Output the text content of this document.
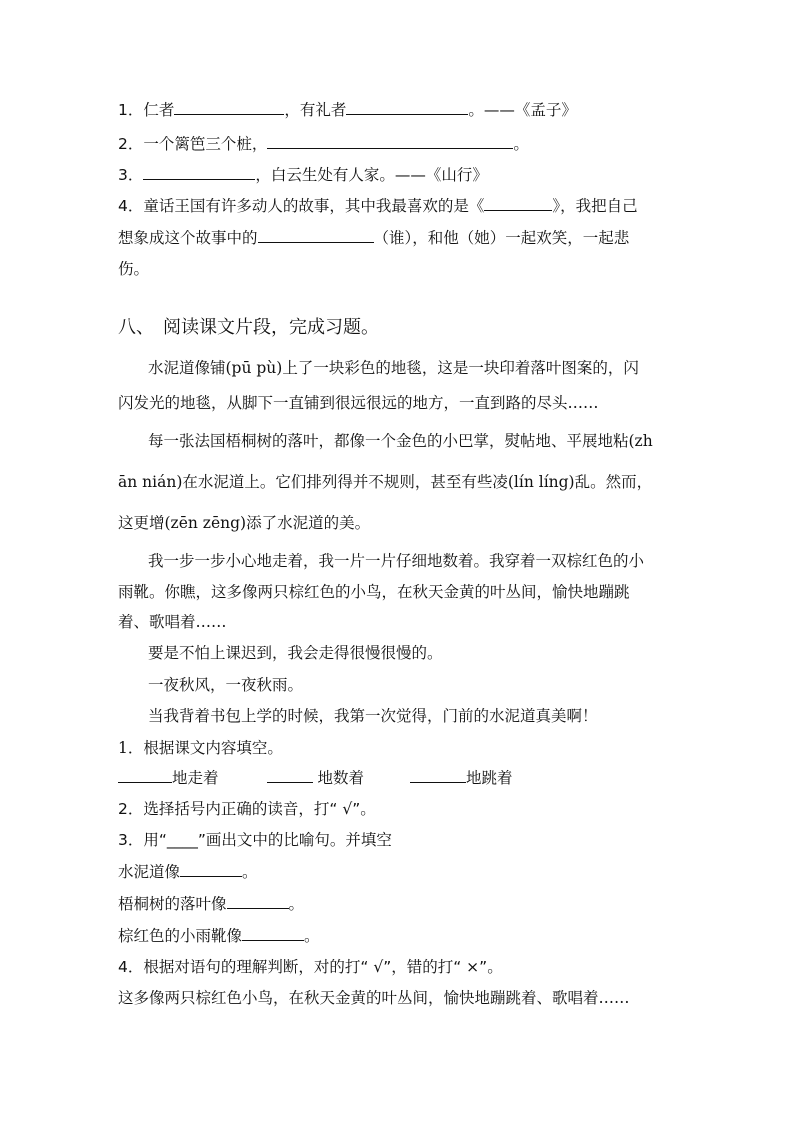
1．仁者	，有礼者	。——《孟子》
2．一个篱笆三个桩，	。
3．	，白云生处有人家。——《山行》
4．童话王国有许多动人的故事，其中我最喜欢的是《	》，我把自己
想象成这个故事中的	（谁），和他（她）一起欢笑，一起悲
伤。
八、　阅读课文片段，完成习题。
水泥道像铺(pū pù)上了一块彩色的地毯，这是一块印着落叶图案的，闪
闪发光的地毯，从脚下一直铺到很远很远的地方，一直到路的尽头……
每一张法国梧桐树的落叶，都像一个金色的小巴掌，熨帖地、平展地粘(zh
ān nián)在水泥道上。它们排列得并不规则，甚至有些凌(lín líng)乱。然而，
这更增(zēn zēng)添了水泥道的美。
我一步一步小心地走着，我一片一片仔细地数着。我穿着一双棕红色的小
雨靴。你瞧，这多像两只棕红色的小鸟，在秋天金黄的叶丛间，愉快地蹦跳
着、歌唱着……
要是不怕上课迟到，我会走得很慢很慢的。
一夜秋风，一夜秋雨。
当我背着书包上学的时候，我第一次觉得，门前的水泥道真美啊！
1．根据课文内容填空。
地走着	地数着	地跳着
2．选择括号内正确的读音，打“ √”。
3．用“____”画出文中的比喻句。并填空
水泥道像	。
梧桐树的落叶像	。
棕红色的小雨靴像	。
4．根据对语句的理解判断，对的打“ √”，错的打“ ×”。
这多像两只棕红色小鸟，在秋天金黄的叶丛间，愉快地蹦跳着、歌唱着……
